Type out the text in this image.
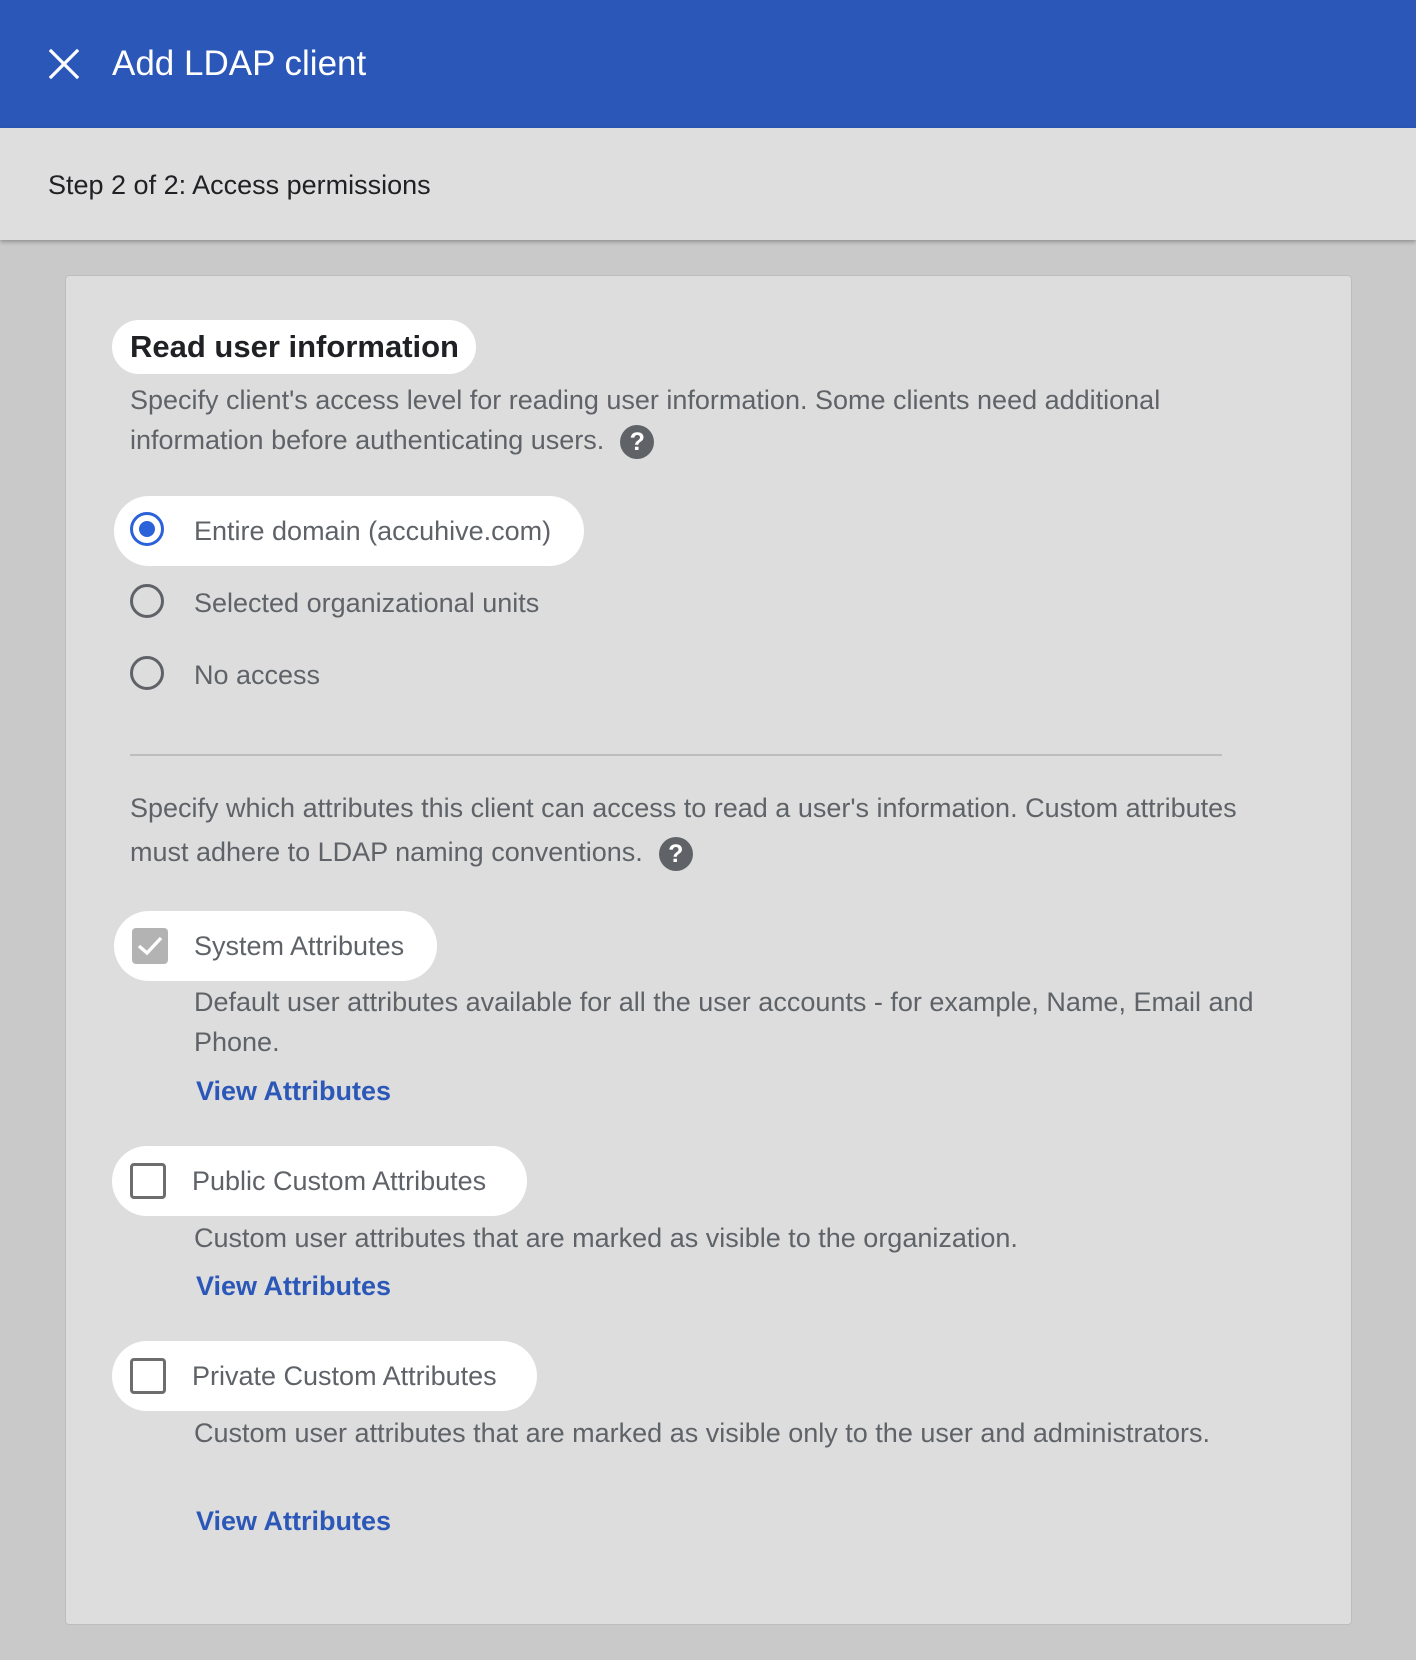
Add LDAP client
Step 2 of 2: Access permissions
Read user information
Specify client's access level for reading user information. Some clients need additional information before authenticating users. ?
Entire domain (accuhive.com)
Selected organizational units
No access
Specify which attributes this client can access to read a user's information. Custom attributes must adhere to LDAP naming conventions. ?
System Attributes
Default user attributes available for all the user accounts - for example, Name, Email and Phone.
View Attributes
Public Custom Attributes
Custom user attributes that are marked as visible to the organization.
View Attributes
Private Custom Attributes
Custom user attributes that are marked as visible only to the user and administrators.
View Attributes
